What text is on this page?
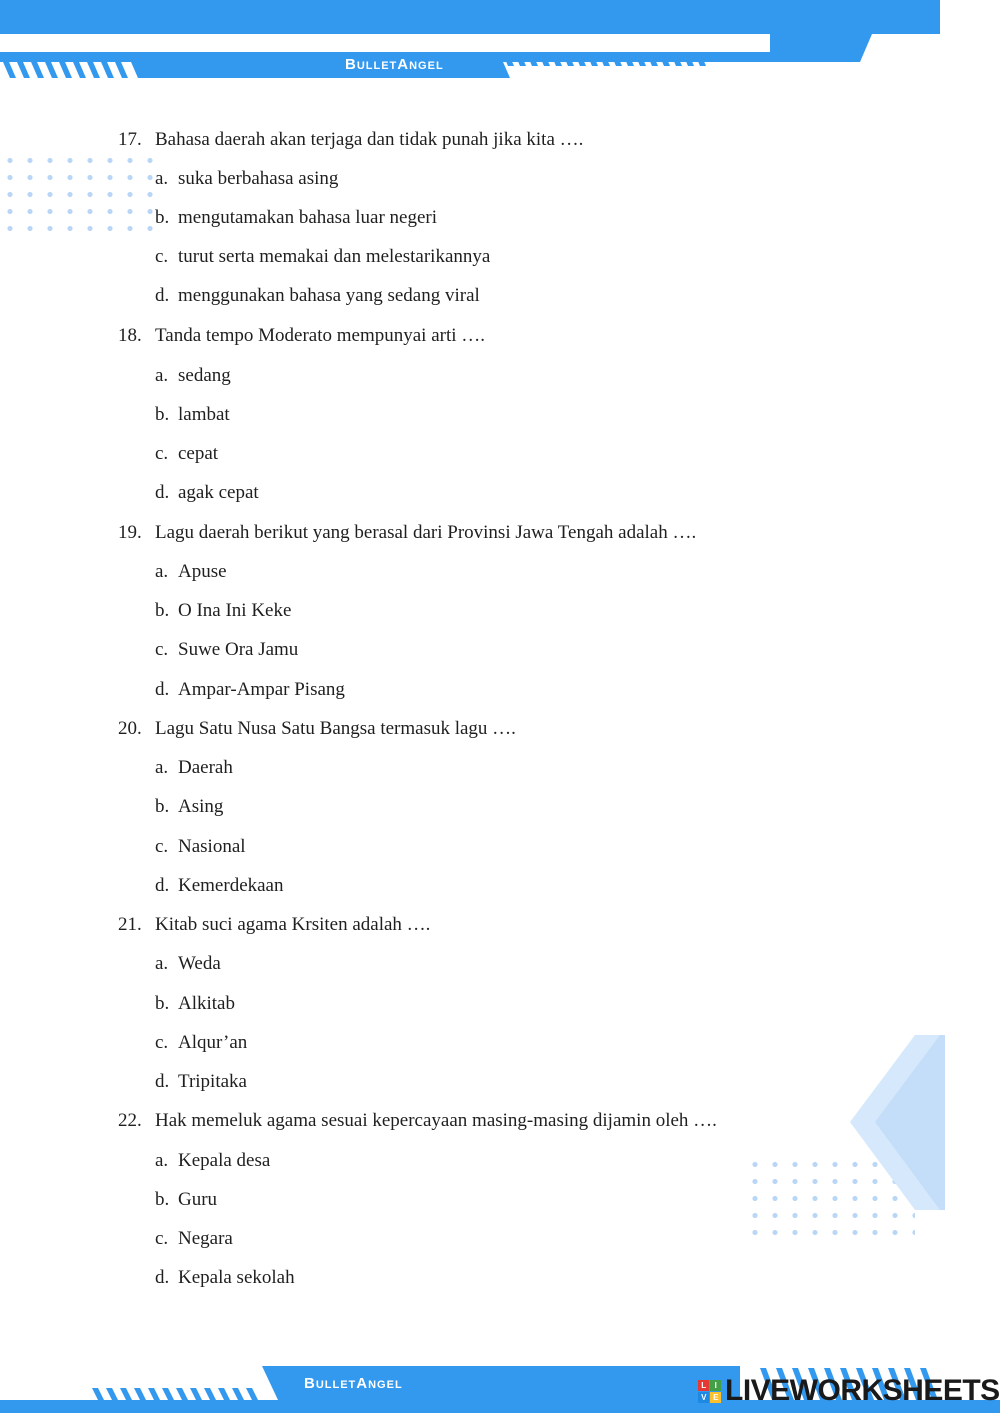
BulletAngel
17. Bahasa daerah akan terjaga dan tidak punah jika kita ….
a. suka berbahasa asing
b. mengutamakan bahasa luar negeri
c. turut serta memakai dan melestarikannya
d. menggunakan bahasa yang sedang viral
18. Tanda tempo Moderato mempunyai arti ….
a. sedang
b. lambat
c. cepat
d. agak cepat
19. Lagu daerah berikut yang berasal dari Provinsi Jawa Tengah adalah ….
a. Apuse
b. O Ina Ini Keke
c. Suwe Ora Jamu
d. Ampar-Ampar Pisang
20. Lagu Satu Nusa Satu Bangsa termasuk lagu ….
a. Daerah
b. Asing
c. Nasional
d. Kemerdekaan
21. Kitab suci agama Krsiten adalah ….
a. Weda
b. Alkitab
c. Alqur’an
d. Tripitaka
22. Hak memeluk agama sesuai kepercayaan masing-masing dijamin oleh ….
a. Kepala desa
b. Guru
c. Negara
d. Kepala sekolah
BulletAngel	L	I
V E LIVEWORKSHEETS
